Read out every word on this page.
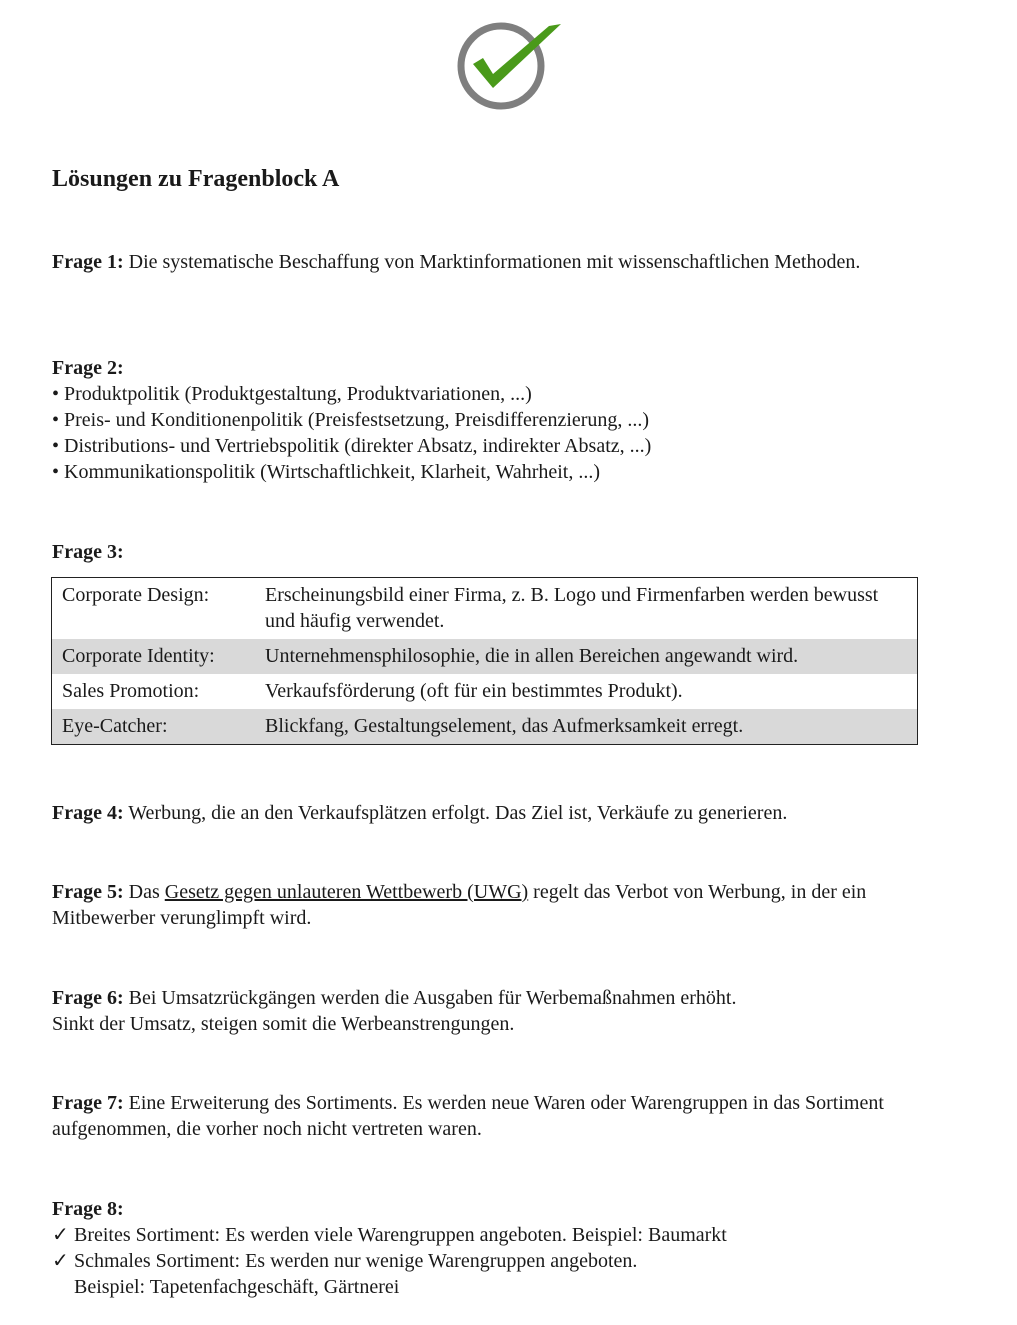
Lösungen zu Fragenblock A
Frage 1: Die systematische Beschaffung von Marktinformationen mit wissenschaftlichen Methoden.
Frage 2:
• Produktpolitik (Produktgestaltung, Produktvariationen, ...)
• Preis- und Konditionenpolitik (Preisfestsetzung, Preisdifferenzierung, ...)
• Distributions- und Vertriebspolitik (direkter Absatz, indirekter Absatz, ...)
• Kommunikationspolitik (Wirtschaftlichkeit, Klarheit, Wahrheit, ...)
Frage 3:
Corporate Design:	Erscheinungsbild einer Firma, z. B. Logo und Firmenfarben werden bewusst und häufig verwendet.
Corporate Identity:	Unternehmensphilosophie, die in allen Bereichen angewandt wird.
Sales Promotion:	Verkaufsförderung (oft für ein bestimmtes Produkt).
Eye-Catcher:	Blickfang, Gestaltungselement, das Aufmerksamkeit erregt.
Frage 4: Werbung, die an den Verkaufsplätzen erfolgt. Das Ziel ist, Verkäufe zu generieren.
Frage 5: Das Gesetz gegen unlauteren Wettbewerb (UWG) regelt das Verbot von Werbung, in der ein Mitbewerber verunglimpft wird.
Frage 6: Bei Umsatzrückgängen werden die Ausgaben für Werbemaßnahmen erhöht.
Sinkt der Umsatz, steigen somit die Werbeanstrengungen.
Frage 7: Eine Erweiterung des Sortiments. Es werden neue Waren oder Warengruppen in das Sortiment aufgenommen, die vorher noch nicht vertreten waren.
Frage 8:
✓ Breites Sortiment: Es werden viele Warengruppen angeboten. Beispiel: Baumarkt
✓ Schmales Sortiment: Es werden nur wenige Warengruppen angeboten.
Beispiel: Tapetenfachgeschäft, Gärtnerei
